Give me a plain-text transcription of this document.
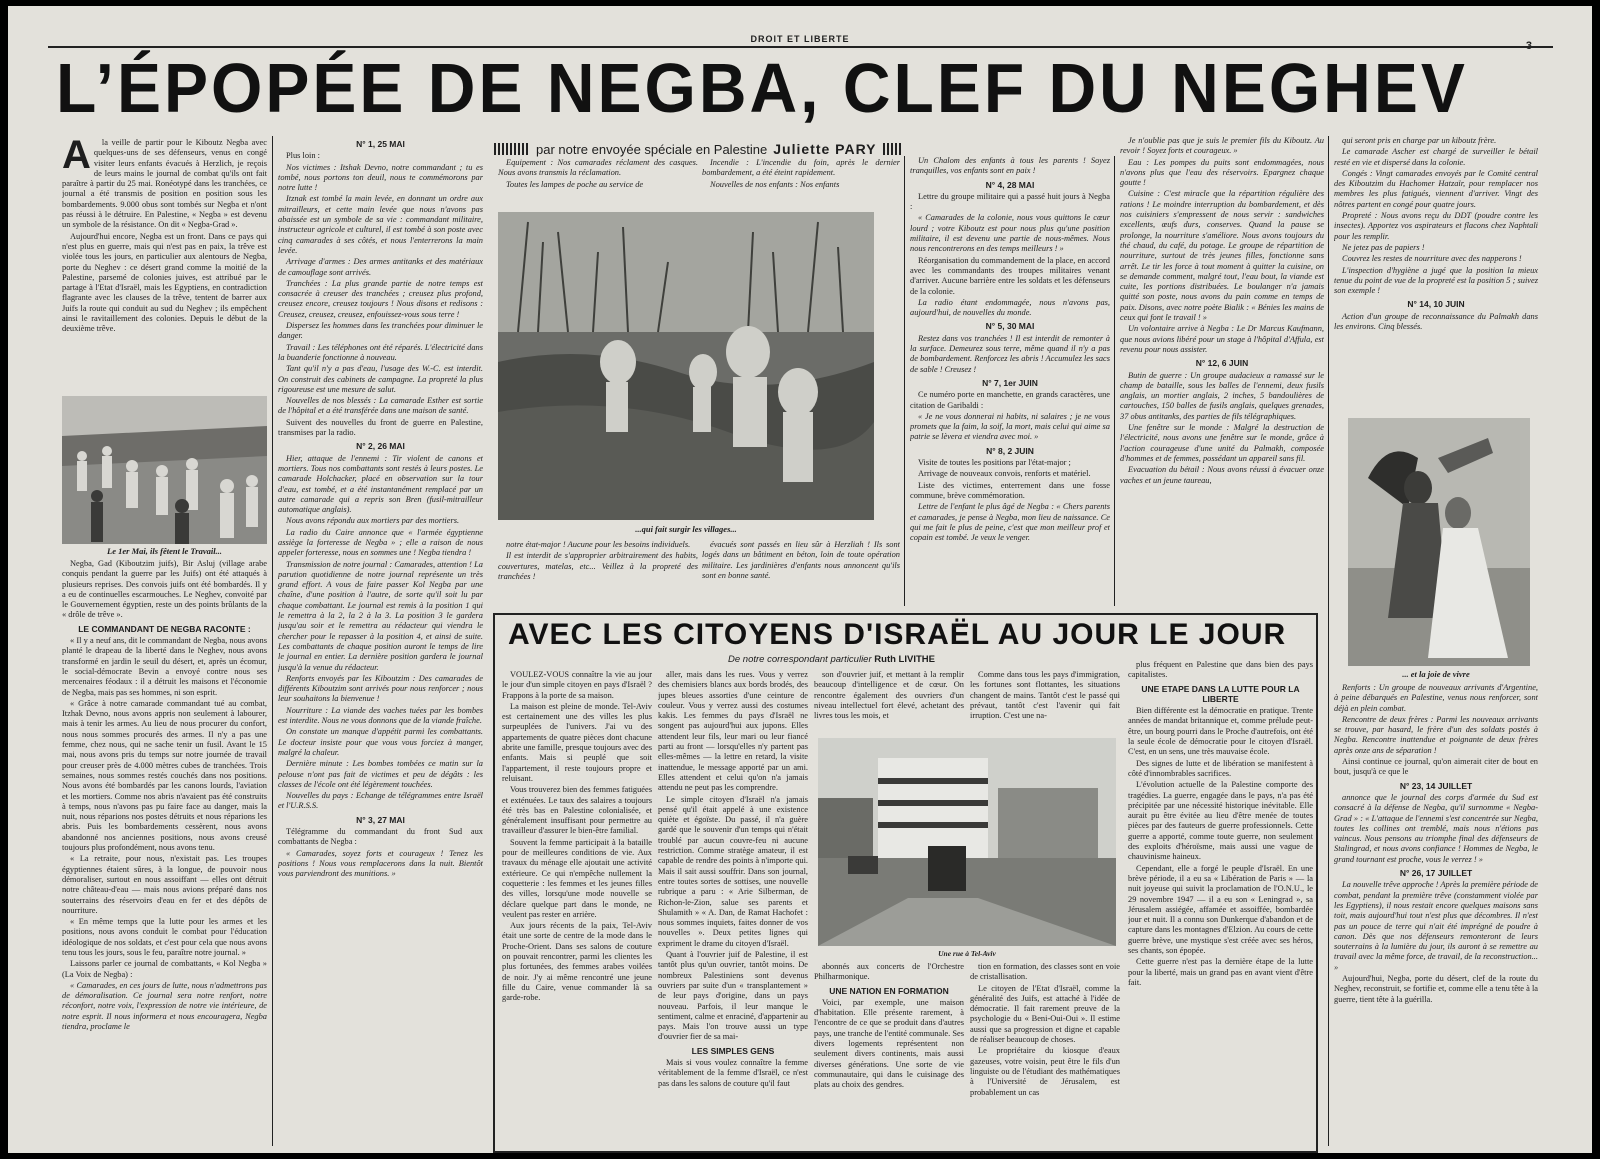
DROIT ET LIBERTE
L’ÉPOPÉE DE NEGBA, CLEF DU NEGHEV
par notre envoyée spéciale en Palestine Juliette PARY
A	la veille de partir pour le Kiboutz Negba avec quelques-uns de ses défenseurs, venus en congé visiter leurs enfants évacués à Herzlich, je reçois de leurs mains le journal de combat qu'ils ont fait paraître à partir du 25 mai. Ronéotypé dans les tranchées, ce journal a été transmis de position en position sous les bombardements. 9.000 obus sont tombés sur Negba et n'ont pas réussi à le détruire. En Palestine, « Negba » est devenu un symbole de la résistance. On dit « Negba-Grad ».

Aujourd'hui encore, Negba est un front. Dans ce pays qui n'est plus en guerre, mais qui n'est pas en paix, la trêve est violée tous les jours, en particulier aux alentours de Negba, porte du Neghev : ce désert grand comme la moitié de la Palestine, parsemé de colonies juives, est attribué par le partage à l'Etat d'Israël, mais les Egyptiens, en contradiction flagrante avec les clauses de la trêve, tentent de barrer aux Juifs la route qui conduit au sud du Neghev ; ils empêchent ainsi le ravitaillement des colonies. Depuis le début de la deuxième trêve.

Le 1er Mai, ils fêtent le Travail...

Negba, Gad (Kiboutzim juifs), Bir Asluj (village arabe conquis pendant la guerre par les Juifs) ont été attaqués à plusieurs reprises. Des convois juifs ont été bombardés. Il y a eu de continuelles escarmouches. Le Neghev, convoité par le Gouvernement égyptien, reste un des points brûlants de la « drôle de trêve ».

LE COMMANDANT DE NEGBA RACONTE :

« Il y a neuf ans, dit le commandant de Negba, nous avons planté le drapeau de la liberté dans le Neghev, nous avons transformé en jardin le seuil du désert, et, après un écomur, le social-démocrate Bevin a envoyé contre nous ses mercenaires féodaux : il a détruit les maisons et l'économie de Negba, mais pas ses hommes, ni son esprit.

« Grâce à notre camarade commandant tué au combat, Itzhak Devno, nous avons appris non seulement à labourer, mais à tenir les armes. Au lieu de nous procurer du confort, nous nous sommes procurés des armes. Il n'y a pas une femme, chez nous, qui ne sache tenir un fusil. Avant le 15 mai, nous avons pris du temps sur notre journée de travail pour creuser près de 4.000 mètres cubes de tranchées. Trois semaines, nous sommes restés couchés dans nos positions. Nous avons été bombardés par les canons lourds, l'aviation et les mortiers. Comme nos abris n'avaient pas été construits à temps, nous n'avons pas pu faire face au danger, mais la nuit, nous réparions nos postes détruits et nous réparions les abris. Puis les bombardements cessèrent, nous avons abandonné nos anciennes positions, nous avons creusé toujours plus profondément, nous avons tenu.

« La retraite, pour nous, n'existait pas. Les troupes égyptiennes étaient sûres, à la longue, de pouvoir nous démoraliser, surtout en nous assoiffant — elles ont détruit notre château-d'eau — mais nous avions préparé dans nos souterrains des réservoirs d'eau en fer et des dépôts de nourriture.

« En même temps que la lutte pour les armes et les positions, nous avons conduit le combat pour l'éducation idéologique de nos soldats, et c'est pour cela que nous avons tenu tous les jours, sous le feu, paraître notre journal. »

Laissons parler ce journal de combattants, « Kol Negba » (La Voix de Negba) :

« Camarades, en ces jours de lutte, nous n'admettrons pas de démoralisation. Ce journal sera notre renfort, notre réconfort, notre voix, l'expression de notre vie intérieure, de notre esprit. Il nous informera et nous encouragera, Negba tiendra, proclame le

N° 1, 25 MAI

Plus loin :

Nos victimes : Itshak Devno, notre commandant ; tu es tombé, nous portons ton deuil, nous te commémorons par notre lutte !

Itznak est tombé la main levée, en donnant un ordre aux mitrailleurs, et cette main levée que nous n'avons pas abaissée est un symbole de sa vie : commandant militaire, instructeur agricole et culturel, il est tombé à son poste avec cinq camarades à ses côtés, et nous l'enterrerons la main levée.

Arrivage d'armes : Des armes antitanks et des matériaux de camouflage sont arrivés.

Tranchées : La plus grande partie de notre temps est consacrée à creuser des tranchées ; creusez plus profond, creusez encore, creusez toujours ! Nous disons et redisons : Creusez, creusez, creusez, enfouissez-vous sous terre !

Dispersez les hommes dans les tranchées pour diminuer le danger.

Travail : Les téléphones ont été réparés. L'électricité dans la buanderie fonctionne à nouveau.

Tant qu'il n'y a pas d'eau, l'usage des W.-C. est interdit. On construit des cabinets de campagne. La propreté la plus rigoureuse est une mesure de salut.

Nouvelles de nos blessés : La camarade Esther est sortie de l'hôpital et a été transférée dans une maison de santé.

Suivent des nouvelles du front de guerre en Palestine, transmises par la radio.

N° 2, 26 MAI

Hier, attaque de l'ennemi : Tir violent de canons et mortiers. Tous nos combattants sont restés à leurs postes. Le camarade Holchacker, placé en observation sur la tour d'eau, est tombé, et a été instantanément remplacé par un autre camarade qui a repris son Bren (fusil-mitrailleur automatique anglais).

Nous avons répondu aux mortiers par des mortiers.

La radio du Caire annonce que « l'armée égyptienne assiège la forteresse de Negba » ; elle a raison de nous appeler forteresse, nous en sommes une ! Negba tiendra !

Transmission de notre journal : Camarades, attention ! La parution quotidienne de notre journal représente un très grand effort. A vous de faire passer Kol Negba par une chaîne, d'une position à l'autre, de sorte qu'il soit lu par chaque combattant. Le journal est remis à la position 1 qui le remettra à la 2, la 2 à la 3. La position 3 le gardera jusqu'au soir et le remettra au rédacteur qui viendra le chercher pour le repasser à la position 4, et ainsi de suite. Les combattants de chaque position auront le temps de lire le journal en entier. La dernière position gardera le journal jusqu'à la venue du rédacteur.

Renforts envoyés par les Kiboutzim : Des camarades de différents Kiboutzim sont arrivés pour nous renforcer ; nous leur souhaitons la bienvenue !

Nourriture : La viande des vaches tuées par les bombes est interdite. Nous ne vous donnons que de la viande fraîche.

On constate un manque d'appétit parmi les combattants. Le docteur insiste pour que vous vous forciez à manger, malgré la chaleur.

Dernière minute : Les bombes tombées ce matin sur la pelouse n'ont pas fait de victimes et peu de dégâts : les classes de l'école ont été légèrement touchées.

Nouvelles du pays : Echange de télégrammes entre Israël et l'U.R.S.S.

N° 3, 27 MAI

Télégramme du commandant du front Sud aux combattants de Negba :

« Camarades, soyez forts et courageux ! Tenez les positions ! Nous vous remplacerons dans la nuit. Bientôt vous parviendront des munitions. »

Equipement : Nos camarades réclament des casques. Nous avons transmis la réclamation.

Toutes les lampes de poche au service de

Incendie : L'incendie du foin, après le dernier bombardement, a été éteint rapidement.

Nouvelles de nos enfants : Nos enfants

...qui fait surgir les villages...

notre état-major ! Aucune pour les besoins individuels.

Il est interdit de s'approprier arbitrairement des habits, couvertures, matelas, etc... Veillez à la propreté des tranchées !

évacués sont passés en lieu sûr à Herzliah ! Ils sont logés dans un bâtiment en béton, loin de toute opération militaire. Les jardinières d'enfants nous annoncent qu'ils sont en bonne santé.

Un Chalom des enfants à tous les parents ! Soyez tranquilles, vos enfants sont en paix !

N° 4, 28 MAI

Lettre du groupe militaire qui a passé huit jours à Negba :

« Camarades de la colonie, nous vous quittons le cœur lourd ; votre Kiboutz est pour nous plus qu'une position militaire, il est devenu une partie de nous-mêmes. Nous nous rencontrerons en des temps meilleurs ! »

Réorganisation du commandement de la place, en accord avec les commandants des troupes militaires venant d'arriver. Aucune barrière entre les soldats et les défenseurs de la colonie.

La radio étant endommagée, nous n'avons pas, aujourd'hui, de nouvelles du monde.

N° 5, 30 MAI

Restez dans vos tranchées ! Il est interdit de remonter à la surface. Demeurez sous terre, même quand il n'y a pas de bombardement. Renforcez les abris ! Accumulez les sacs de sable ! Creusez !

N° 7, 1er JUIN

Ce numéro porte en manchette, en grands caractères, une citation de Garibaldi :

« Je ne vous donnerai ni habits, ni salaires ; je ne vous promets que la faim, la soif, la mort, mais celui qui aime sa patrie se lèvera et viendra avec moi. »

N° 8, 2 JUIN

Visite de toutes les positions par l'état-major ;

Arrivage de nouveaux convois, renforts et matériel.

Liste des victimes, enterrement dans une fosse commune, brève commémoration.

Lettre de l'enfant le plus âgé de Negba : « Chers parents et camarades, je pense à Negba, mon lieu de naissance. Ce qui me fait le plus de peine, c'est que mon meilleur prof et copain est tombé. Je veux le venger.

Je n'oublie pas que je suis le premier fils du Kiboutz. Au revoir ! Soyez forts et courageux. »

Eau : Les pompes du puits sont endommagées, nous n'avons plus que l'eau des réservoirs. Epargnez chaque goutte !

Cuisine : C'est miracle que la répartition régulière des rations ! Le moindre interruption du bombardement, et dès nos cuisiniers s'empressent de nous servir : sandwiches excellents, œufs durs, conserves. Quand la pause se prolonge, la nourriture s'améliore. Nous avons toujours du thé chaud, du café, du potage. Le groupe de répartition de nourriture, surtout de très jeunes filles, fonctionne sans arrêt. Le tir les force à tout moment à quitter la cuisine, on se demande comment, malgré tout, l'eau bout, la viande est cuite, les portions distribuées. Le boulanger n'a jamais quitté son poste, nous avons du pain comme en temps de paix. Disons, avec notre poète Bialik : « Bénies les mains de ceux qui font le travail ! »

Un volontaire arrive à Negba : Le Dr Marcus Kaufmann, que nous avions libéré pour un stage à l'hôpital d'Affula, est revenu pour nous assister.

N° 12, 6 JUIN

Butin de guerre : Un groupe audacieux a ramassé sur le champ de bataille, sous les balles de l'ennemi, deux fusils anglais, un mortier anglais, 2 inches, 5 bandoulières de cartouches, 150 balles de fusils anglais, quelques grenades, 37 obus antitanks, des parties de fils télégraphiques.

Une fenêtre sur le monde : Malgré la destruction de l'électricité, nous avons une fenêtre sur le monde, grâce à l'action courageuse d'une unité du Palmakh, composée d'hommes et de femmes, possédant un appareil sans fil.

Evacuation du bétail : Nous avons réussi à évacuer onze vaches et un jeune taureau,

qui seront pris en charge par un kiboutz frère.

Le camarade Ascher est chargé de surveiller le bétail resté en vie et dispersé dans la colonie.

Congés : Vingt camarades envoyés par le Comité central des Kiboutzim du Hachomer Hatzaïr, pour remplacer nos membres les plus fatigués, viennent d'arriver. Vingt des nôtres partent en congé pour quatre jours.

Propreté : Nous avons reçu du DDT (poudre contre les insectes). Apportez vos aspirateurs et flacons chez Naphtali pour les remplir.

Ne jetez pas de papiers !

Couvrez les restes de nourriture avec des napperons !

L'inspection d'hygiène a jugé que la position la mieux tenue du point de vue de la propreté est la position 5 ; suivez son exemple !

N° 14, 10 JUIN

Action d'un groupe de reconnaissance du Palmakh dans les environs. Cinq blessés.

... et la joie de vivre

Renforts : Un groupe de nouveaux arrivants d'Argentine, à peine débarqués en Palestine, venus nous renforcer, sont déjà en plein combat.

Rencontre de deux frères : Parmi les nouveaux arrivants se trouve, par hasard, le frère d'un des soldats postés à Negba. Rencontre inattendue et poignante de deux frères après onze ans de séparation !

Ainsi continue ce journal, qu'on aimerait citer de bout en bout, jusqu'à ce que le

N° 23, 14 JUILLET

annonce que le journal des corps d'armée du Sud est consacré à la défense de Negba, qu'il surnomme « Negba-Grad » : « L'attaque de l'ennemi s'est concentrée sur Negba, toutes les collines ont tremblé, mais nous n'étions pas vaincus. Nous pensons au triomphe final des défenseurs de Stalingrad, et nous avons confiance ! Hommes de Negba, le grand tournant est proche, vous le verrez ! »

N° 26, 17 JUILLET

La nouvelle trêve approche ! Après la première période de combat, pendant la première trêve (constamment violée par les Egyptiens), il nous restait encore quelques maisons sans toit, mais aujourd'hui tout n'est plus que décombres. Il n'est pas un pouce de terre qui n'ait été imprégné de poudre à canon. Dès que nos défenseurs remonteront de leurs souterrains à la lumière du jour, ils auront à se remettre au travail avec la même force, de travail, de la reconstruction... »

Aujourd'hui, Negba, porte du désert, clef de la route du Neghev, reconstruit, se fortifie et, comme elle a tenu tête à la guerre, tient tête à la guérilla.

AVEC LES CITOYENS D'ISRAËL AU JOUR LE JOUR
De notre correspondant particulier Ruth LIVITHE

VOULEZ-VOUS connaître la vie au jour le jour d'un simple citoyen en pays d'Israël ? Frappons à la porte de sa maison.

La maison est pleine de monde. Tel-Aviv est certainement une des villes les plus surpeuplées de l'univers. J'ai vu des appartements de quatre pièces dont chacune abrite une famille, presque toujours avec des enfants. Mais si peuplé que soit l'appartement, il reste toujours propre et reluisant.

Vous trouverez bien des femmes fatiguées et exténuées. Le taux des salaires a toujours été très bas en Palestine colonialisée, et généralement insuffisant pour permettre au travailleur d'assurer le bien-être familial.

Souvent la femme participait à la bataille pour de meilleures conditions de vie. Aux travaux du ménage elle ajoutait une activité extérieure. Ce qui n'empêche nullement la coquetterie : les femmes et les jeunes filles des villes, lorsqu'une mode nouvelle se déclare quelque part dans le monde, ne veulent pas rester en arrière.

Aux jours récents de la paix, Tel-Aviv était une sorte de centre de la mode dans le Proche-Orient. Dans ses salons de couture on pouvait rencontrer, parmi les clientes les plus fortunées, des femmes arabes voilées de noir. J'y ai même rencontré une jeune fille du Caire, venue commander là sa garde-robe.

aller, mais dans les rues. Vous y verrez des chemisiers blancs aux bords brodés, des jupes bleues assorties d'une ceinture de couleur. Vous y verrez aussi des costumes kakis. Les femmes du pays d'Israël ne songent pas aujourd'hui aux jupons. Elles attendent leur fils, leur mari ou leur fiancé parti au front — lorsqu'elles n'y partent pas elles-mêmes — la lettre en retard, la visite inattendue, le message apporté par un ami. Elles attendent et celui qu'on n'a jamais attendu ne peut pas les comprendre.

Le simple citoyen d'Israël n'a jamais pensé qu'il était appelé à une existence quiète et égoïste. Du passé, il n'a guère gardé que le souvenir d'un temps qui n'était troublé par aucun couvre-feu ni aucune restriction. Comme stratège amateur, il est capable de rendre des points à n'importe qui. Mais il sait aussi souffrir. Dans son journal, entre toutes sortes de sottises, une nouvelle rubrique a paru : « Arie Silberman, de Richon-le-Zion, salue ses parents et Shulamith » « A. Dan, de Ramat Hachofet : nous sommes inquiets, faites donner de vos nouvelles ». Deux petites lignes qui expriment le drame du citoyen d'Israël.

Quant à l'ouvrier juif de Palestine, il est tantôt plus qu'un ouvrier, tantôt moins. De nombreux Palestiniens sont devenus ouvriers par suite d'un « transplantement » de leur pays d'origine, dans un pays nouveau. Parfois, il leur manque le sentiment, calme et enraciné, d'appartenir au pays. Mais l'on trouve aussi un type d'ouvrier fier de sa mai-

LES SIMPLES GENS

Mais si vous voulez connaître la femme véritablement de la femme d'Israël, ce n'est pas dans les salons de couture qu'il faut

son d'ouvrier juif, et mettant à la remplir beaucoup d'intelligence et de cœur. On rencontre également des ouvriers d'un niveau intellectuel fort élevé, achetant des livres tous les mois, et

Comme dans tous les pays d'immigration, les fortunes sont flottantes, les situations changent de mains. Tantôt c'est le passé qui prévaut, tantôt c'est l'avenir qui fait irruption. C'est une na-

Une rue à Tel-Aviv

abonnés aux concerts de l'Orchestre Philharmonique.

UNE NATION EN FORMATION

Voici, par exemple, une maison d'habitation. Elle présente rarement, à l'encontre de ce que se produit dans d'autres pays, une tranche de l'entité communale. Ses divers logements représentent non seulement divers continents, mais aussi diverses générations. Une sorte de vie communautaire, qui dans le cuisinage des plats au choix des gendres.

tion en formation, des classes sont en voie de cristallisation.

Le citoyen de l'Etat d'Israël, comme la généralité des Juifs, est attaché à l'idée de démocratie. Il fait rarement preuve de la psychologie du « Beni-Oui-Oui ». Il estime aussi que sa progression et digne et capable de réaliser beaucoup de choses.

Le propriétaire du kiosque d'eaux gazeuses, votre voisin, peut être le fils d'un linguiste ou de l'étudiant des mathématiques à l'Université de Jérusalem, est probablement un cas

plus fréquent en Palestine que dans bien des pays capitalistes.

UNE ETAPE DANS LA LUTTE POUR LA LIBERTE

Bien différente est la démocratie en pratique. Trente années de mandat britannique et, comme prélude peut-être, un bourg pourri dans le Proche d'autrefois, ont été la seule école de démocratie pour le citoyen d'Israël. C'est, en un sens, une très mauvaise école.

Des signes de lutte et de libération se manifestent à côté d'innombrables sacrifices.

L'évolution actuelle de la Palestine comporte des tragédies. La guerre, engagée dans le pays, n'a pas été précipitée par une nécessité historique inévitable. Elle aurait pu être évitée au lieu d'être menée de toutes pièces par des fauteurs de guerre professionnels. Cette guerre a apporté, comme toute guerre, non seulement des exploits d'héroïsme, mais aussi une vague de chauvinisme haineux.

Cependant, elle a forgé le peuple d'Israël. En une brève période, il a eu sa « Libération de Paris » — la nuit joyeuse qui suivit la proclamation de l'O.N.U., le 29 novembre 1947 — il a eu son « Leningrad », sa Jérusalem assiégée, affamée et assoiffée, bombardée jour et nuit. Il a connu son Dunkerque d'abandon et de capture dans les montagnes d'Elzion. Au cours de cette guerre brève, une mystique s'est créée avec ses héros, ses chants, son épopée.

Cette guerre n'est pas la dernière étape de la lutte pour la liberté, mais un grand pas en avant vient d'être fait.
